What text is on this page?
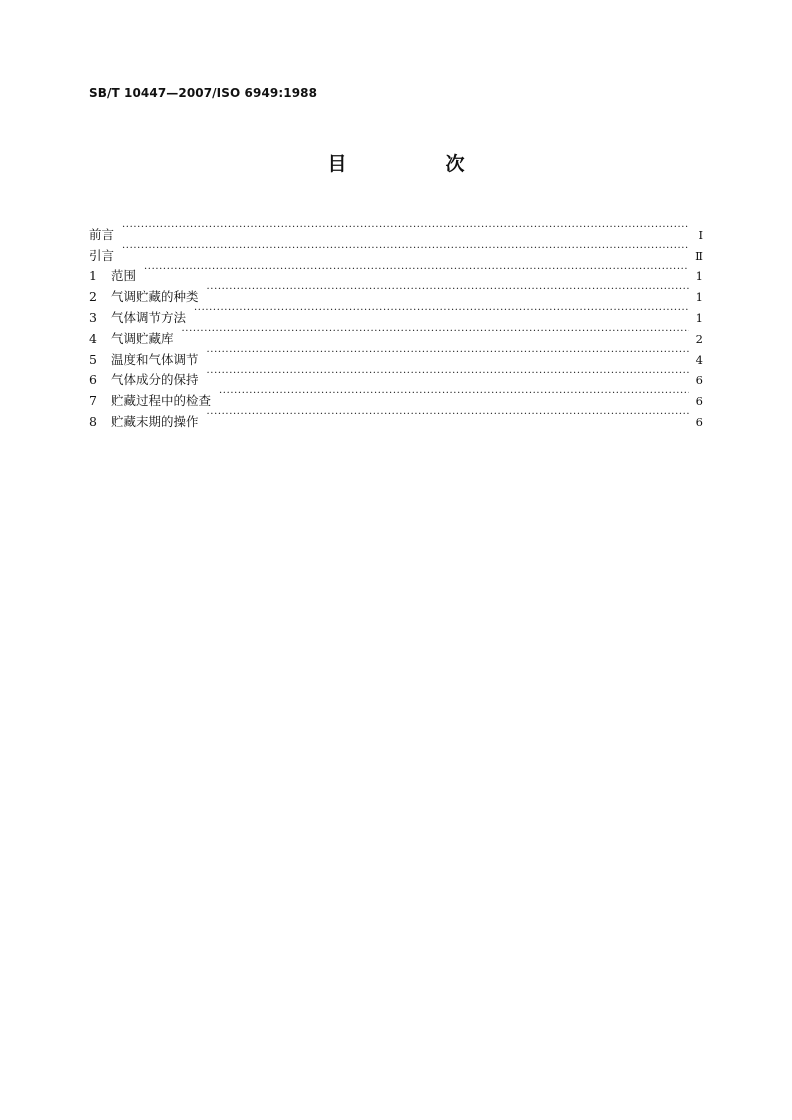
SB/T 10447—2007/ISO 6949:1988
目　次
前言 ·····	Ⅰ
引言 ·····	Ⅱ
1	范围 ·····	1
2	气调贮藏的种类 ·····	1
3	气体调节方法 ·····	1
4	气调贮藏库 ·····	2
5	温度和气体调节 ·····	4
6	气体成分的保持 ·····	6
7	贮藏过程中的检查 ·····	6
8	贮藏末期的操作 ·····	6
